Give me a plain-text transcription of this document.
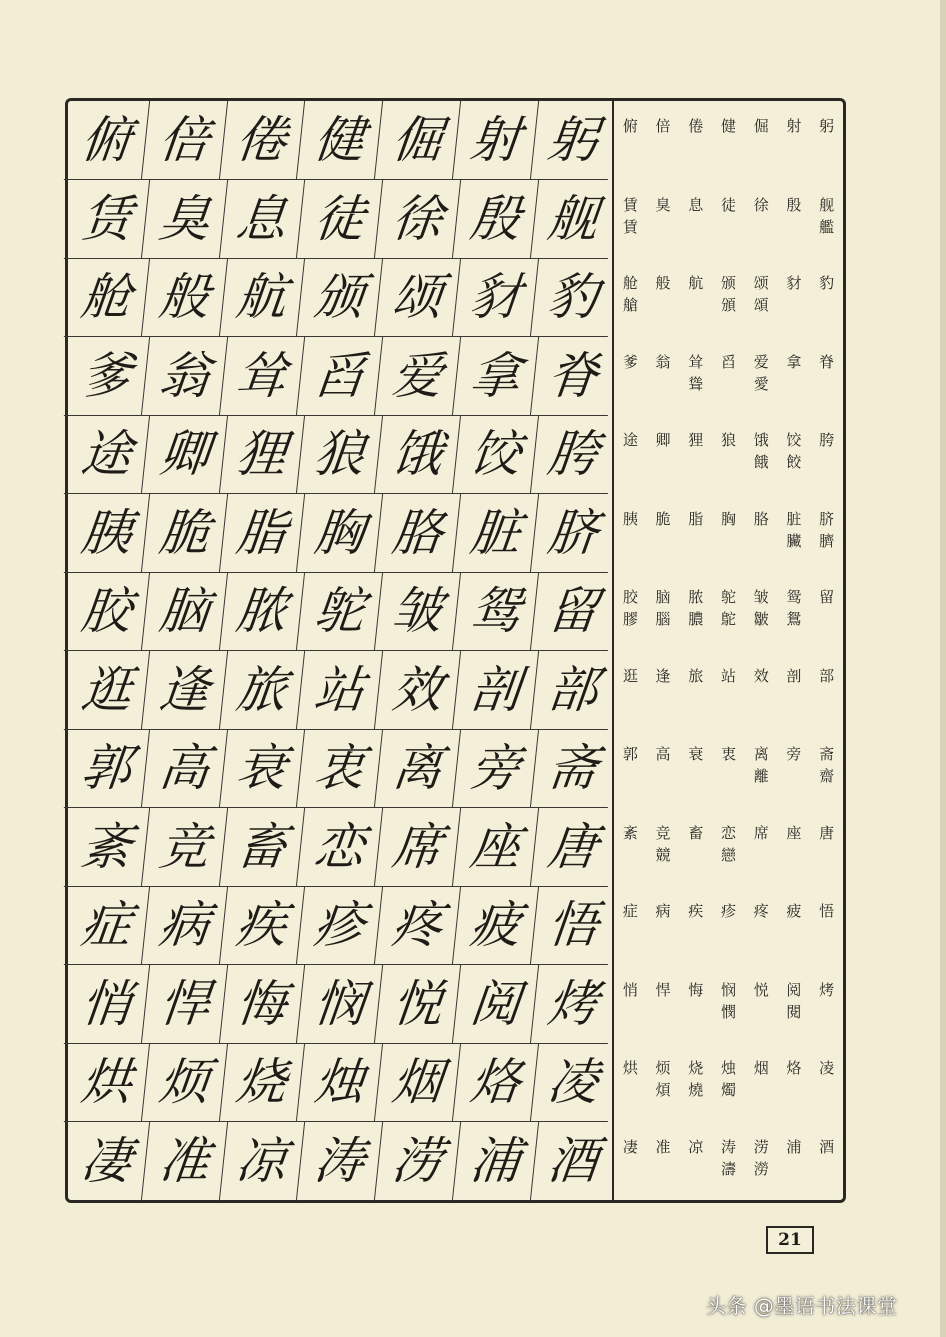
俯 倍 倦 健 倔 射 躬
赁 臭 息 徒 徐 殷 舰
舱 般 航 颁 颂 豺 豹
爹 翁 耸 舀 爱 拿 脊
途 卿 狸 狼 饿 饺 胯
胰 脆 脂 胸 胳 脏 脐
胶 脑 脓 鸵 皱 鸳 留
逛 逢 旅 站 效 剖 部
郭 高 衰 衷 离 旁 斋
紊 竞 畜 恋 席 座 唐
症 病 疾 疹 疼 疲 悟
悄 悍 悔 悯 悦 阅 烤
烘 烦 烧 烛 烟 烙 凌
凄 准 凉 涛 涝 浦 酒
俯 倍 倦 健 倔 射 躬
賃
賃
臭 息 徒 徐 殷 舰
艦
舱
艙
般 航 颁
頒
颂
頌
豺 豹
爹 翁 耸
聳
舀 爱
愛
拿 脊
途 卿 狸 狼 饿
餓
饺
餃
胯
胰 脆 脂 胸 胳 脏
臟
脐
臍
胶
膠
脑
腦
脓
膿
鸵
鴕
皱
皺
鸳
鴛
留
逛 逢 旅 站 效 剖 部
郭 高 衰 衷 离
離
旁 斋
齋
紊 竞
競
畜 恋
戀
席 座 唐
症 病 疾 疹 疼 疲 悟
悄 悍 悔 悯
憫
悦 阅
閱
烤
烘 烦
煩
烧
燒
烛
燭
烟 烙 凌
凄 准 凉 涛
濤
涝
澇
浦 酒
21
头条 @墨语书法课堂
